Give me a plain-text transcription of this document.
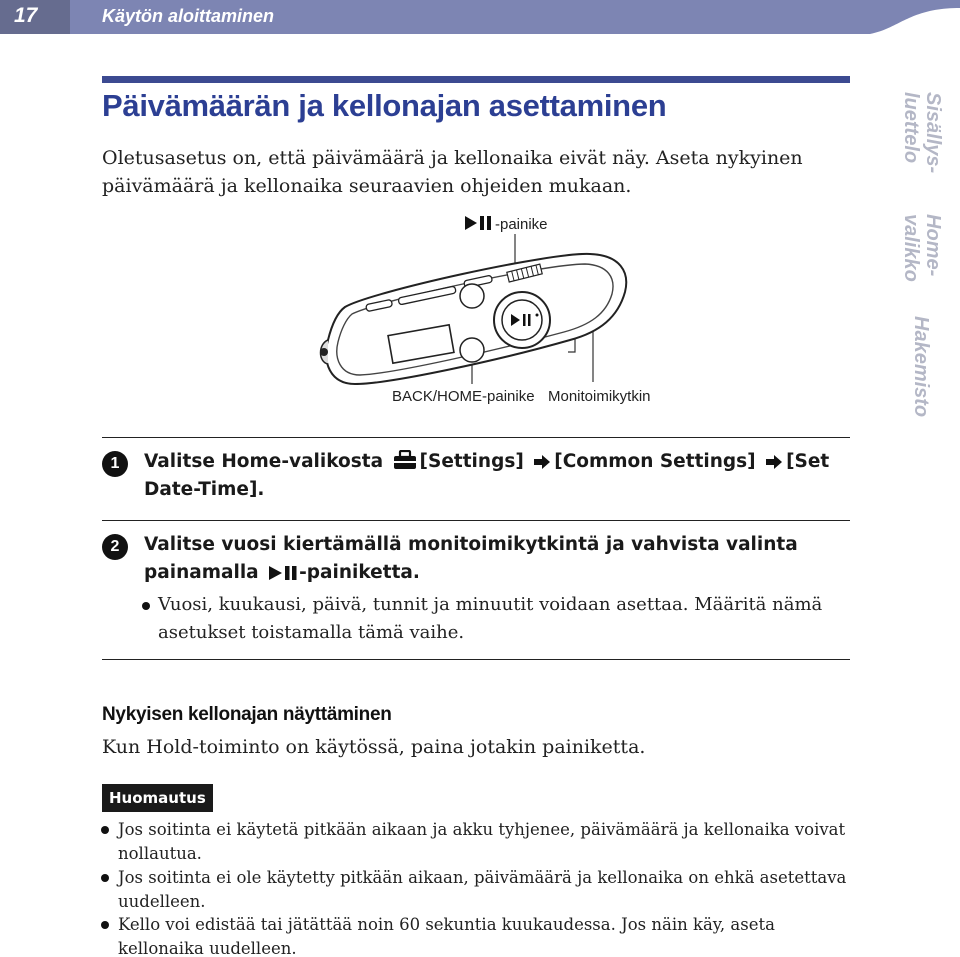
17	Käytön aloittaminen
Sisällys-
luettelo
Home-
valikko
Hakemisto
Päivämäärän ja kellonajan asettaminen

Oletusasetus on, että päivämäärä ja kellonaika eivät näy. Aseta nykyinen päivämäärä ja kellonaika seuraavien ohjeiden mukaan.

-painike
BACK/HOME-painike Monitoimikytkin
1	Valitse Home-valikosta [Settings] [Common Settings] [Set Date-Time].
2	Valitse vuosi kiertämällä monitoimikytkintä ja vahvista valinta painamalla -painiketta.
Vuosi, kuukausi, päivä, tunnit ja minuutit voidaan asettaa. Määritä nämä asetukset toistamalla tämä vaihe.
Nykyisen kellonajan näyttäminen

Kun Hold-toiminto on käytössä, paina jotakin painiketta.

Huomautus
Jos soitinta ei käytetä pitkään aikaan ja akku tyhjenee, päivämäärä ja kellonaika voivat nollautua.
Jos soitinta ei ole käytetty pitkään aikaan, päivämäärä ja kellonaika on ehkä asetettava uudelleen.
Kello voi edistää tai jätättää noin 60 sekuntia kuukaudessa. Jos näin käy, aseta kellonaika uudelleen.
